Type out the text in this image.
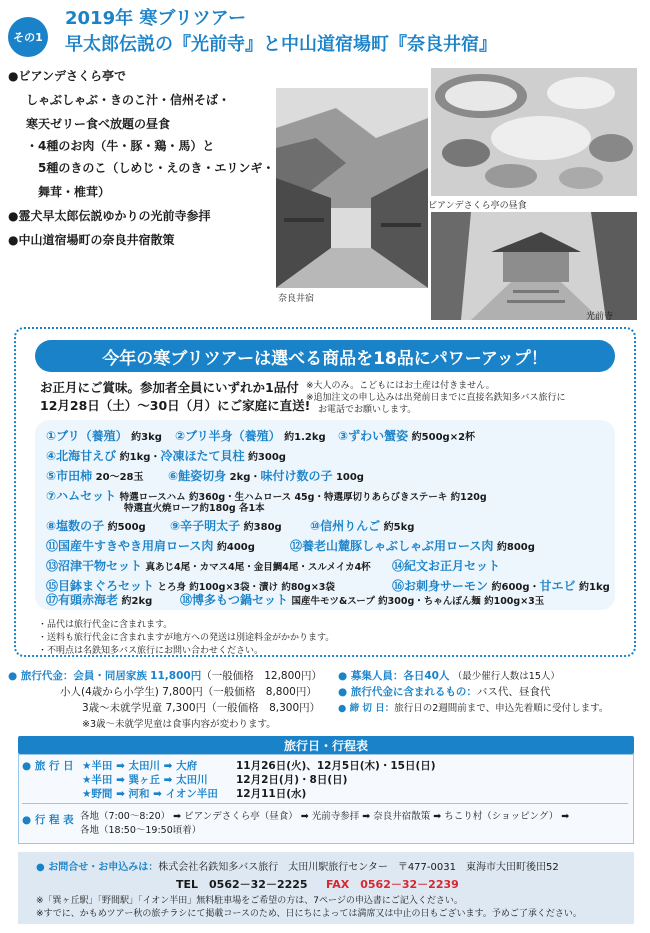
その1
2019年 寒ブリツアー
早太郎伝説の『光前寺』と中山道宿場町『奈良井宿』
●ビアンデさくら亭で
しゃぶしゃぶ・きのこ汁・信州そば・
寒天ゼリー食べ放題の昼食
・4種のお肉（牛・豚・鶏・馬）と
5種のきのこ（しめじ・えのき・エリンギ・
舞茸・椎茸）
●霊犬早太郎伝説ゆかりの光前寺参拝
●中山道宿場町の奈良井宿散策
奈良井宿
ビアンデさくら亭の昼食
光前寺
今年の寒ブリツアーは選べる商品を18品にパワーアップ！
お正月にご賞味。参加者全員にいずれか1品付
12月28日（土）～30日（月）にご家庭に直送!
※大人のみ。こどもにはお土産は付きません。
※追加注文の申し込みは出発前日までに直接名鉄知多バス旅行に
お電話でお願いします。
①ブリ（養殖） 約3kg ②ブリ半身（養殖） 約1.2kg ③ずわい蟹姿 約500g×2杯
④北海甘えび 約1kg・冷凍ほたて貝柱 約300g
⑤市田柿 20～28玉 ⑥鮭姿切身 2kg・味付け数の子 100g
⑦ハムセット 特選ロースハム 約360g・生ハムロース 45g・特選厚切りあらびきステーキ 約120g
特選直火焼ローフ約180g 各1本
⑧塩数の子 約500g ⑨辛子明太子 約380g ⑩信州りんご 約5kg
⑪国産牛すきやき用肩ロース肉 約400g	⑫養老山麓豚しゃぶしゃぶ用ロース肉 約800g
⑬沼津干物セット 真あじ4尾・カマス4尾・金目鯛4尾・スルメイカ4杯 ⑭紀文お正月セット
⑮目鉢まぐろセット とろ身 約100g×3袋・漬け 約80g×3袋	⑯お刺身サーモン 約600g・甘エビ 約1kg
⑰有頭赤海老 約2kg ⑱博多もつ鍋セット 国産牛モツ&スープ 約300g・ちゃんぽん麺 約100g×3玉
・品代は旅行代金に含まれます。
・送料も旅行代金に含まれますが地方への発送は別途料金がかかります。
・不明点は名鉄知多バス旅行にお問い合わせください。
● 旅行代金：会員・同居家族 11,800円（一般価格　12,800円）
小人(4歳から小学生) 7,800円（一般価格　8,800円）
3歳～未就学児童 7,300円（一般価格　8,300円）
※3歳～未就学児童は食事内容が変わります。
● 募集人員：各日40人 （最少催行人数は15人）
● 旅行代金に含まれるもの：バス代、昼食代
● 締 切 日：旅行日の2週間前まで、申込先着順に受付します。
旅行日・行程表
● 旅 行 日 ★半田 ➡ 太田川 ➡ 大府	11月26日(火)、12月5日(木)・15日(日)
★半田 ➡ 巽ヶ丘 ➡ 太田川	12月2日(月)・8日(日)
★野間 ➡ 河和 ➡ イオン半田 12月11日(水)
● 行 程 表 各地（7:00～8:20） ➡ ビアンデさくら亭（昼食） ➡ 光前寺参拝 ➡ 奈良井宿散策 ➡ ちこり村（ショッピング） ➡
各地（18:50～19:50頃着）
● お問合せ・お申込みは：株式会社名鉄知多バス旅行　太田川駅旅行センター　〒477-0031　東海市大田町後田52
TEL　0562－32－2225 FAX　0562－32－2239
※「巽ヶ丘駅」「野間駅」「イオン半田」無料駐車場をご希望の方は、7ページの申込書にご記入ください。
※すでに、かもめツアー秋の旅チラシにて掲載コースのため、日にちによっては満席又は中止の日もございます。予めご了承ください。
